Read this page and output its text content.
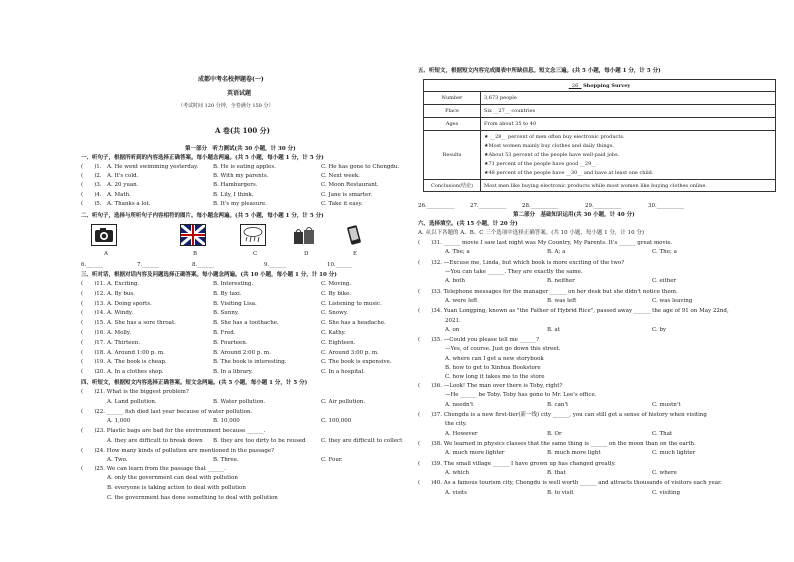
成都中考名校押题卷(一)
英语试题
（考试时间 120 分钟，全卷满分 150 分）
A 卷(共 100 分)
第一部分　听力测试(共 30 小题，计 30 分)
一、听句子，根据所听到的内容选择正确答案。每小题念两遍。(共 5 小题，每小题 1 分，计 5 分)
(　　)1. A. He went swimming yesterday.	B. He is eating apples.	C. He has gone to Chengdu.
(　　)2. A. It's cold.	B. With my parents.	C. Next week.
(　　)3. A. 20 yuan.	B. Hamburgers.	C. Moon Restaurant.
(　　)4. A. Math.	B. Lily, I think.	C. Jane is smarter.
(　　)5. A. Thanks a lot.	B. It's my pleasure.	C. Take it easy.
二、听句子，选择与所听句子内容相符的图片。每小题念两遍。(共 5 小题，每小题 1 分，计 5 分)
A	B	C	D	E
6.______	7.______	8.______	9.______	10.______
三、听对话，根据对话内容及问题选择正确答案。每小题念两遍。(共 10 小题，每小题 1 分，计 10 分)
(　　)11. A. Exciting.	B. Interesting.	C. Moving.
(　　)12. A. By bus.	B. By taxi.	C. By bike.
(　　)13. A. Doing sports.	B. Visiting Lisa.	C. Listening to music.
(　　)14. A. Windy.	B. Sunny.	C. Snowy.
(　　)15. A. She has a sore throat.	B. She has a toothache.	C. She has a headache.
(　　)16. A. Molly.	B. Fred.	C. Kathy.
(　　)17. A. Thirteen.	B. Fourteen.	C. Eighteen.
(　　)18. A. Around 1:00 p. m.	B. Around 2:00 p. m.	C. Around 3:00 p. m.
(　　)19. A. The book is cheap.	B. The book is interesting.	C. The book is expensive.
(　　)20. A. In a clothes shop.	B. In a library.	C. In a hospital.
四、听短文，根据短文内容选择正确答案。短文念两遍。(共 5 小题，每小题 1 分，计 5 分)
(　　)21. What is the biggest problem?
A. Land pollution.	B. Water pollution.	C. Air pollution.
(　　)22. ______ fish died last year because of water pollution.
A. 1,000	B. 10,000	C. 100,000
(　　)23. Plastic bags are bad for the environment because ______.
A. they are difficult to break down B. they are too dirty to be reused	C. they are difficult to collect
(　　)24. How many kinds of pollution are mentioned in the passage?
A. Two.	B. Three.	C. Four.
(　　)25. We can learn from the passage that ______.
A. only the government can deal with pollution
B. everyone is taking action to deal with pollution
C. the government has done something to deal with pollution
五、听短文，根据短文内容完成图表中所缺信息。短文念三遍。(共 5 小题，每小题 1 分，计 5 分)
26 Shopping Survey	
Number	3,673 people
Place	Six __27__ countries
Ages	From about 35 to 40
Results	★ __28__ percent of men often buy electronic products.
★Most women mainly buy clothes and daily things.
★About 53 percent of the people have well-paid jobs.
★71 percent of the people have good __29__.
★48 percent of the people have __30__ and have at least one child.

Conclusion(结论)	Most men like buying electronic products while most women like buying clothes online.
26.__________	27.__________	28.__________	29.__________	30.__________
第二部分　基础知识运用(共 30 小题，计 40 分)
六、选择填空。(共 15 小题，计 20 分)
A. 从以下各题的 A、B、C 三个选项中选择正确答案。(共 10 小题，每小题 1 分，计 10 分)
(　　)31. ______ movie I saw last night was My Country, My Parents. It's ______ great movie.
A. The; a	B. A; a	C. The; a
(　　)32. —Excuse me, Linda, but which book is more exciting of the two?
—You can take ______. They are exactly the same.
A. both	B. neither	C. either
(　　)33. Telephone messages for the manager ______ on her desk but she didn't notice them.
A. were left	B. was left	C. was leaving
(　　)34. Yuan Longping, known as "the Father of Hybrid Rice", passed away ______ the age of 91 on May 22nd,
2021.
A. on	B. at	C. by
(　　)35. —Could you please tell me ______?
—Yes, of course. Just go down this street.
A. where can I get a new storybook
B. how to get to Xinhua Bookstore
C. how long it takes me to the store
(　　)36. —Look! The man over there is Toby, right?
—He ______ be Toby. Toby has gone to Mr. Lee's office.
A. needn't	B. can't	C. mustn't
(　　)37. Chengdu is a new first-tier(新一线) city ______, you can still get a sense of history when visiting
the city.
A. However	B. Or	C. That
(　　)38. We learned in physics classes that the same thing is ______ on the moon than on the earth.
A. much more lighter	B. much more light	C. much lighter
(　　)39. The small village ______ I have grown up has changed greatly.
A. which	B. that	C. where
(　　)40. As a famous tourism city, Chengdu is well worth ______ and attracts thousands of visitors each year.
A. visits	B. to visit	C. visiting
